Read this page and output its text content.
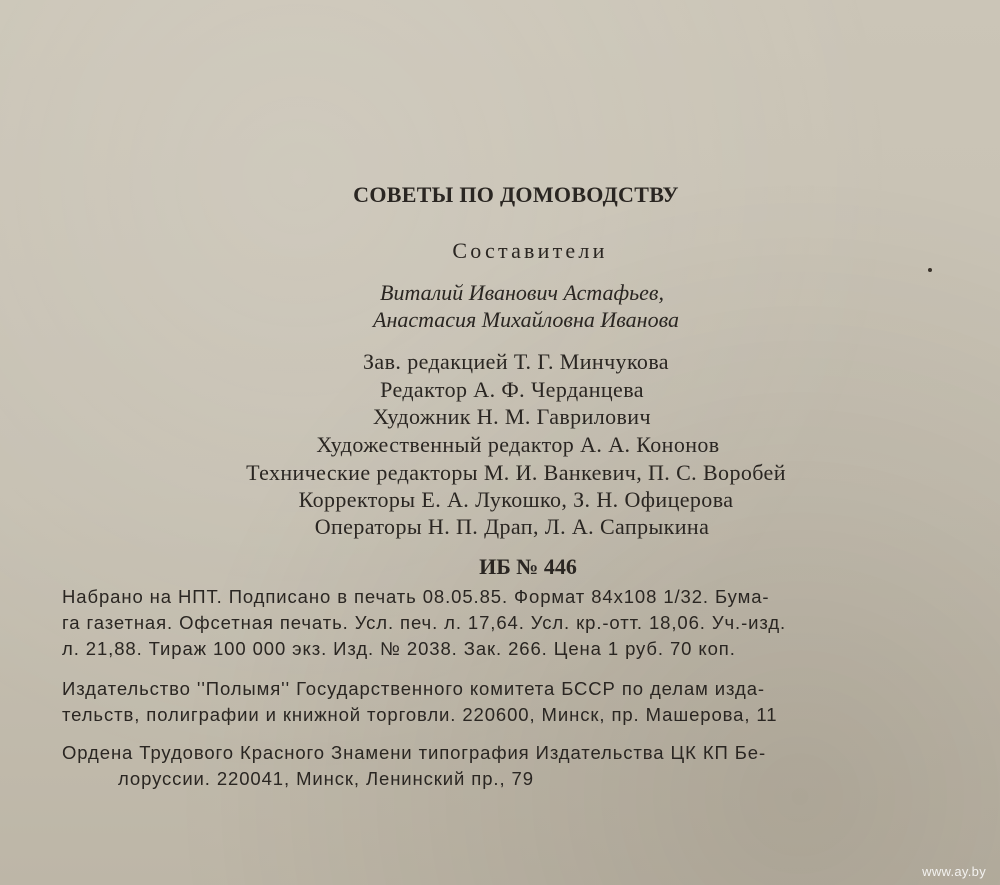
СОВЕТЫ ПО ДОМОВОДСТВУ
Составители
Виталий Иванович Астафьев,
Анастасия Михайловна Иванова
Зав. редакцией Т. Г. Минчукова
Редактор А. Ф. Черданцева
Художник Н. М. Гаврилович
Художественный редактор А. А. Кононов
Технические редакторы М. И. Ванкевич, П. С. Воробей
Корректоры Е. А. Лукошко, З. Н. Офицерова
Операторы Н. П. Драп, Л. А. Сапрыкина
ИБ № 446
Набрано на НПТ. Подписано в печать 08.05.85. Формат 84х108 1/32. Бума-
га газетная. Офсетная печать. Усл. печ. л. 17,64. Усл. кр.-отт. 18,06. Уч.-изд.
л. 21,88. Тираж 100 000 экз. Изд. № 2038. Зак. 266. Цена 1 руб. 70 коп.
Издательство ''Полымя'' Государственного комитета БССР по делам изда-
тельств, полиграфии и книжной торговли. 220600, Минск, пр. Машерова, 11
Ордена Трудового Красного Знамени типография Издательства ЦК КП Бе-
лоруссии. 220041, Минск, Ленинский пр., 79
www.ay.by
